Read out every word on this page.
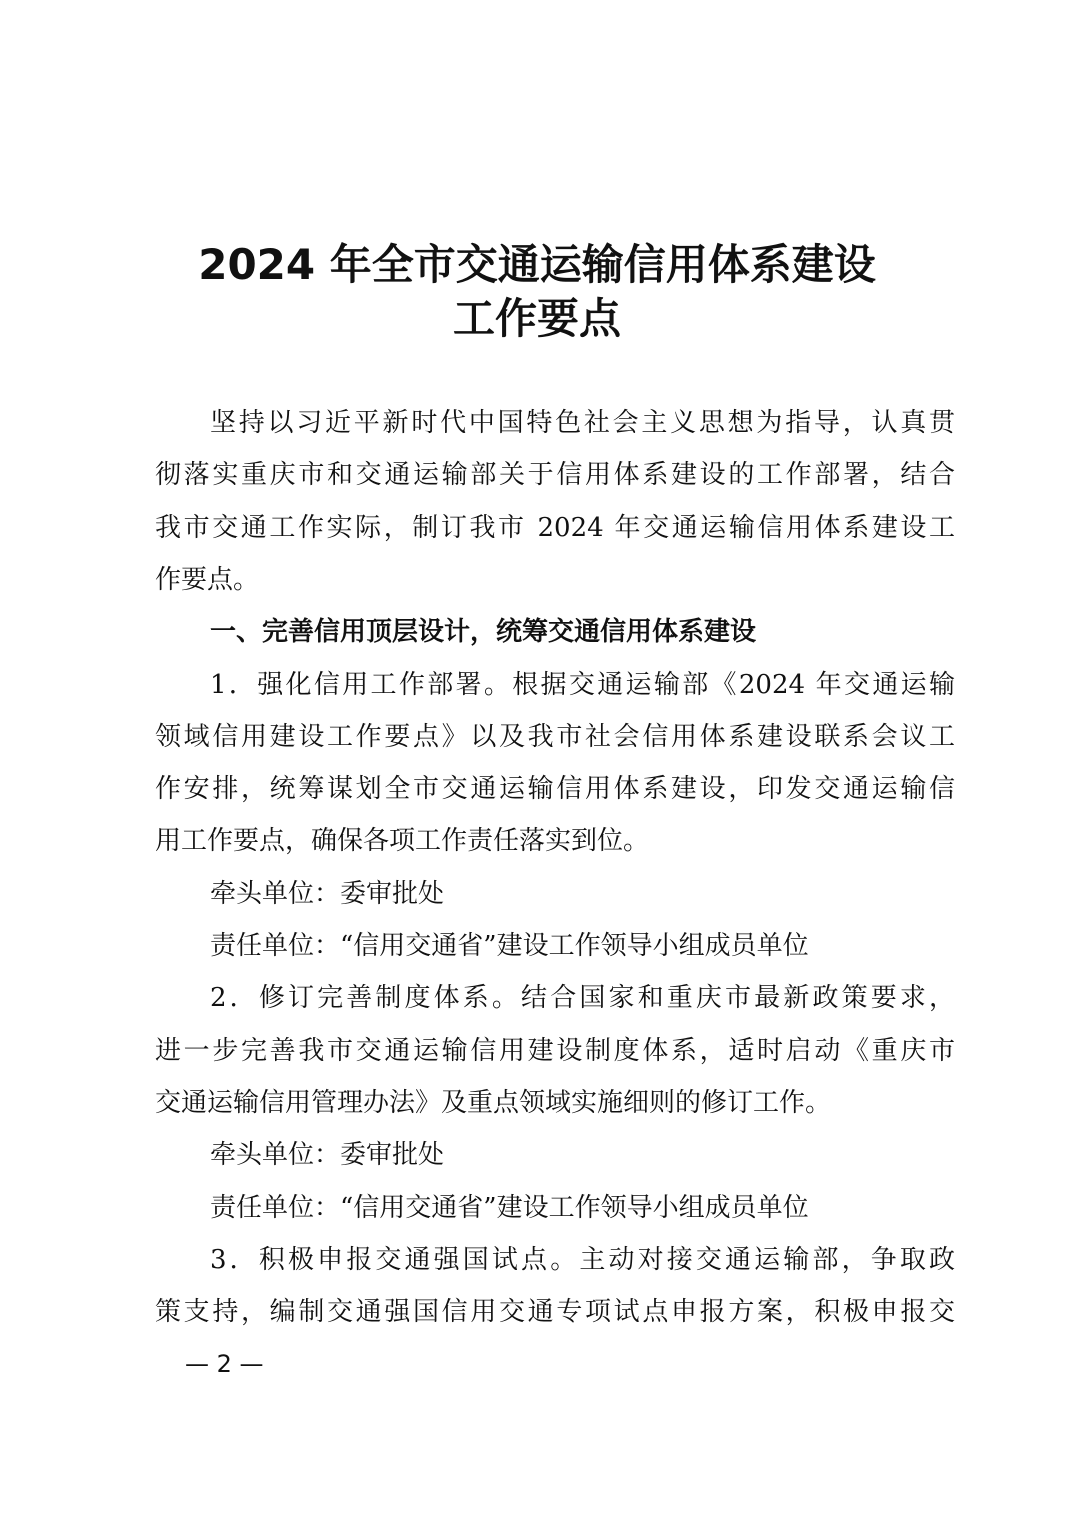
2024 年全市交通运输信用体系建设
工作要点
坚持以习近平新时代中国特色社会主义思想为指导，认真贯
彻落实重庆市和交通运输部关于信用体系建设的工作部署，结合
我市交通工作实际，制订我市 2024 年交通运输信用体系建设工
作要点。
一、完善信用顶层设计，统筹交通信用体系建设
1．强化信用工作部署。根据交通运输部《2024 年交通运输
领域信用建设工作要点》以及我市社会信用体系建设联系会议工
作安排，统筹谋划全市交通运输信用体系建设，印发交通运输信
用工作要点，确保各项工作责任落实到位。
牵头单位：委审批处
责任单位：“信用交通省”建设工作领导小组成员单位
2．修订完善制度体系。结合国家和重庆市最新政策要求，
进一步完善我市交通运输信用建设制度体系，适时启动《重庆市
交通运输信用管理办法》及重点领域实施细则的修订工作。
牵头单位：委审批处
责任单位：“信用交通省”建设工作领导小组成员单位
3．积极申报交通强国试点。主动对接交通运输部，争取政
策支持，编制交通强国信用交通专项试点申报方案，积极申报交
— 2 —
